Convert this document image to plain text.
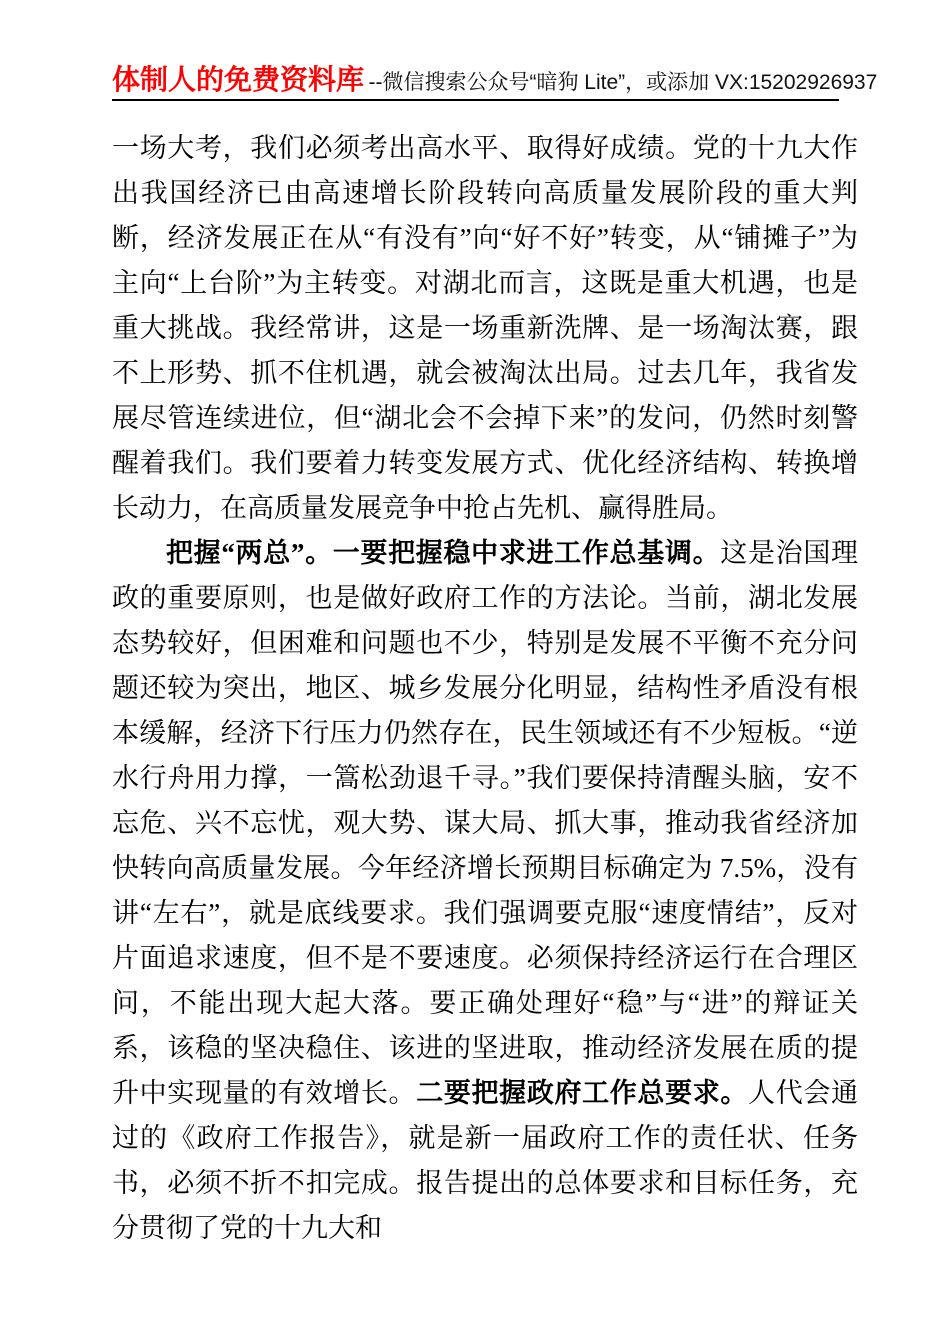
体制人的免费资料库 --微信搜索公众号“暗狗 Lite”，或添加 VX:15202926937

一场大考，我们必须考出高水平、取得好成绩。党的十九大作出我国经济已由高速增长阶段转向高质量发展阶段的重大判断，经济发展正在从“有没有”向“好不好”转变，从“铺摊子”为主向“上台阶”为主转变。对湖北而言，这既是重大机遇，也是重大挑战。我经常讲，这是一场重新洗牌、是一场淘汰赛，跟不上形势、抓不住机遇，就会被淘汰出局。过去几年，我省发展尽管连续进位，但“湖北会不会掉下来”的发问，仍然时刻警醒着我们。我们要着力转变发展方式、优化经济结构、转换增长动力，在高质量发展竞争中抢占先机、赢得胜局。

把握“两总”。一要把握稳中求进工作总基调。这是治国理政的重要原则，也是做好政府工作的方法论。当前，湖北发展态势较好，但困难和问题也不少，特别是发展不平衡不充分问题还较为突出，地区、城乡发展分化明显，结构性矛盾没有根本缓解，经济下行压力仍然存在，民生领域还有不少短板。“逆水行舟用力撑，一篙松劲退千寻。”我们要保持清醒头脑，安不忘危、兴不忘忧，观大势、谋大局、抓大事，推动我省经济加快转向高质量发展。今年经济增长预期目标确定为 7.5%，没有讲“左右”，就是底线要求。我们强调要克服“速度情结”，反对片面追求速度，但不是不要速度。必须保持经济运行在合理区问，不能出现大起大落。要正确处理好“稳”与“进”的辩证关系，该稳的坚决稳住、该进的坚进取，推动经济发展在质的提升中实现量的有效增长。二要把握政府工作总要求。人代会通过的《政府工作报告》，就是新一届政府工作的责任状、任务书，必须不折不扣完成。报告提出的总体要求和目标任务，充分贯彻了党的十九大和
